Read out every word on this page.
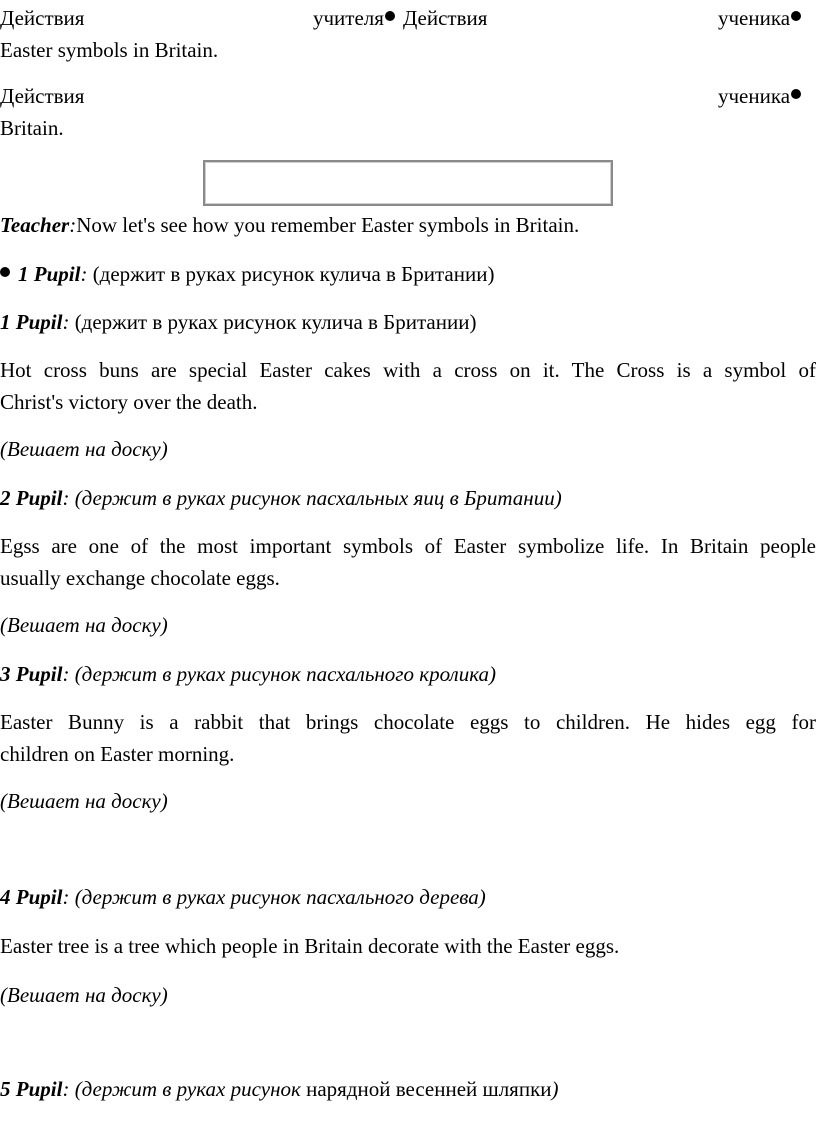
Действия	учителя Действия	ученика
Easter symbols in Britain.
Действия	ученика
Britain.
Teacher:Now let's see how you remember Easter symbols in Britain.
1 Pupil: (держит в руках рисунок кулича в Британии)
1 Pupil: (держит в руках рисунок кулича в Британии)
Hot cross buns are special Easter cakes with a cross on it. The Cross is a symbol of
Christ's victory over the death.
(Вешает на доску)
2 Pupil: (держит в руках рисунок пасхальных яиц в Британии)
Egss are one of the most important symbols of Easter symbolize life. In Britain people
usually exchange chocolate eggs.
(Вешает на доску)
3 Pupil: (держит в руках рисунок пасхального кролика)
Easter Bunny is a rabbit that brings chocolate eggs to children. He hides egg for
children on Easter morning.
(Вешает на доску)
4 Pupil: (держит в руках рисунок пасхального дерева)
Easter tree is a tree which people in Britain decorate with the Easter eggs.
(Вешает на доску)
5 Pupil: (держит в руках рисунок нарядной весенней шляпки)
